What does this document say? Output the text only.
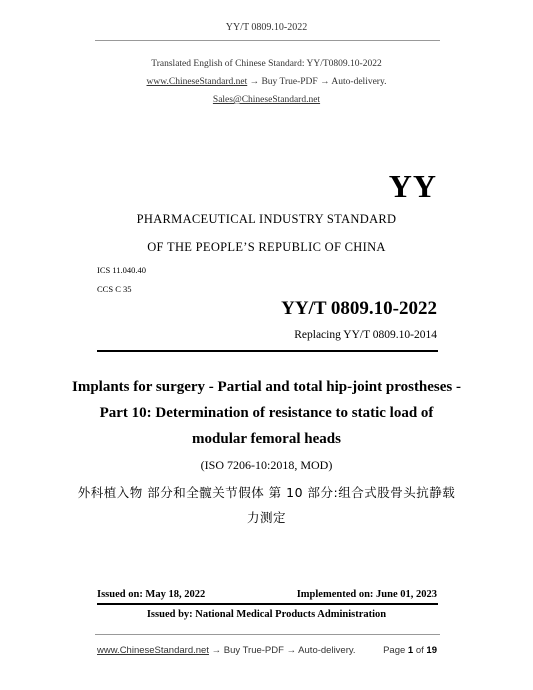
YY/T 0809.10-2022
Translated English of Chinese Standard: YY/T0809.10-2022
www.ChineseStandard.net → Buy True-PDF → Auto-delivery.
Sales@ChineseStandard.net
YY
PHARMACEUTICAL INDUSTRY STANDARD
OF THE PEOPLE’S REPUBLIC OF CHINA
ICS 11.040.40
CCS C 35
YY/T 0809.10-2022
Replacing YY/T 0809.10-2014
Implants for surgery - Partial and total hip-joint prostheses -
Part 10: Determination of resistance to static load of
modular femoral heads
(ISO 7206-10:2018, MOD)
外科植入物 部分和全髋关节假体 第 10 部分:组合式股骨头抗静载
力测定
Issued on: May 18, 2022	Implemented on: June 01, 2023
Issued by: National Medical Products Administration
www.ChineseStandard.net → Buy True-PDF → Auto-delivery.	Page 1 of 19
